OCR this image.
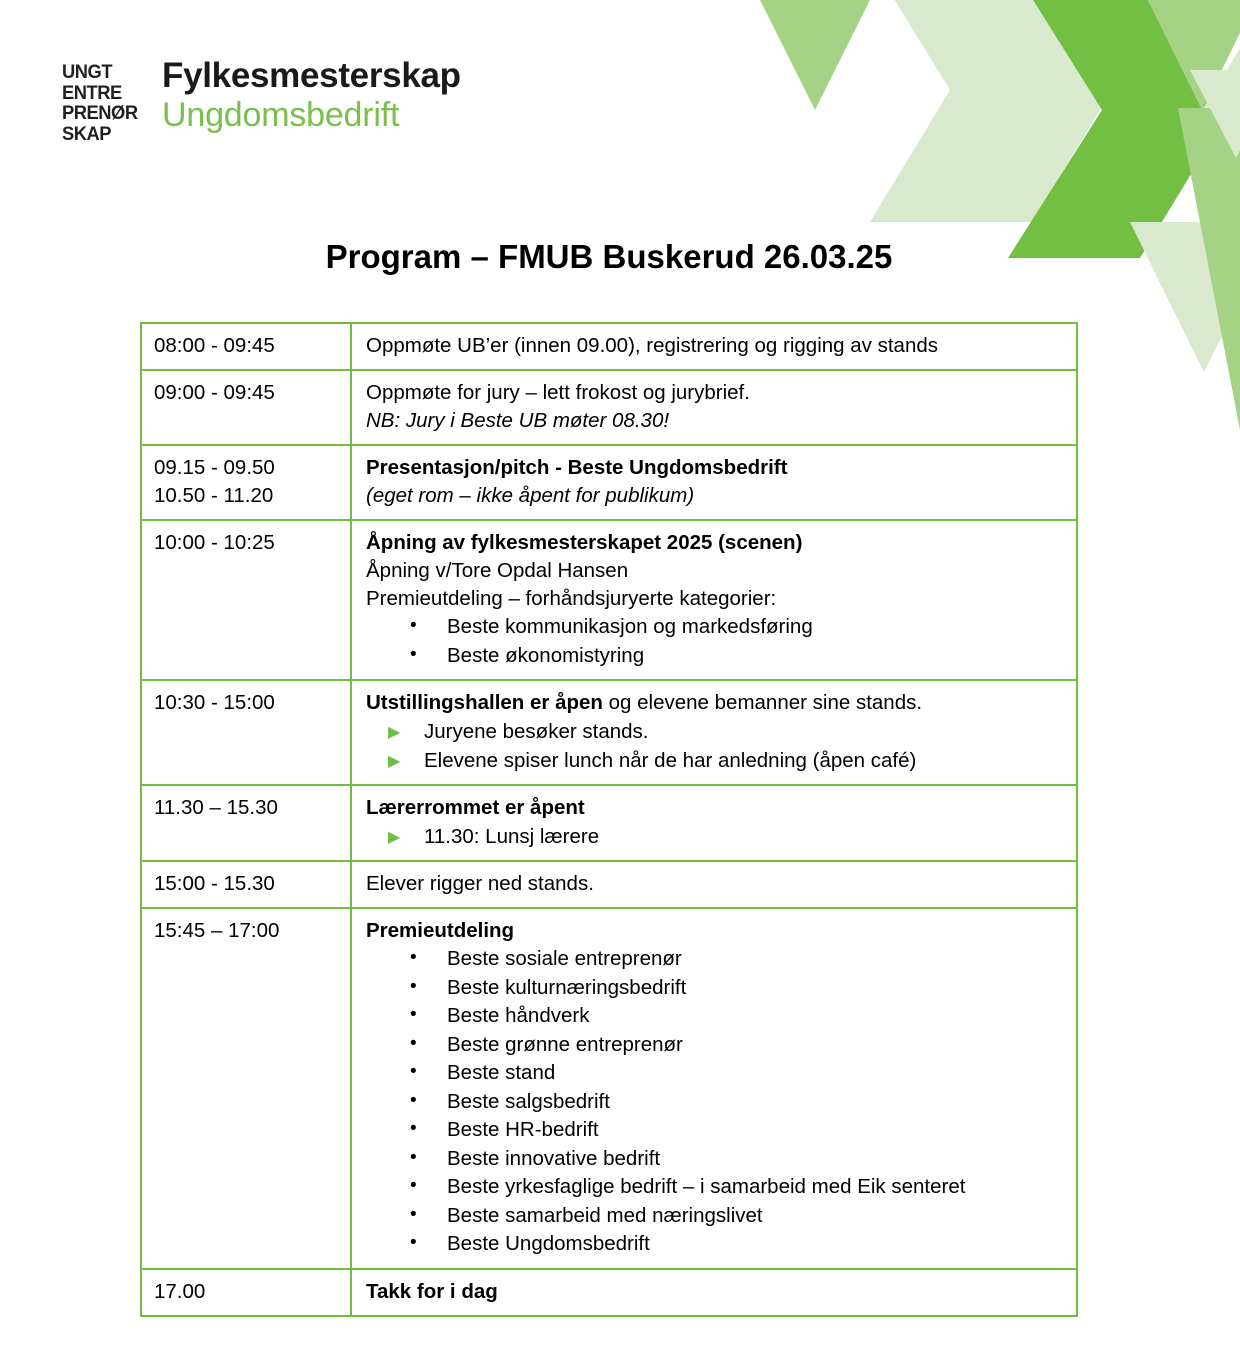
UNGT
ENTRE
PRENØR
SKAP
Fylkesmesterskap
Ungdomsbedrift
Program – FMUB Buskerud 26.03.25
08:00 - 09:45	Oppmøte UB’er (innen 09.00), registrering og rigging av stands

09:00 - 09:45	Oppmøte for jury – lett frokost og jurybrief.
NB: Jury i Beste UB møter 08.30!

09.15 - 09.50
10.50 - 11.20	Presentasjon/pitch - Beste Ungdomsbedrift
(eget rom – ikke åpent for publikum)

10:00 - 10:25	Åpning av fylkesmesterskapet 2025 (scenen)
Åpning v/Tore Opdal Hansen
Premieutdeling – forhåndsjuryerte kategorier:
• Beste kommunikasjon og markedsføring
• Beste økonomistyring

10:30 - 15:00	Utstillingshallen er åpen og elevene bemanner sine stands.
▶ Juryene besøker stands.
▶ Elevene spiser lunch når de har anledning (åpen café)

11.30 – 15.30	Lærerrommet er åpent
▶ 11.30: Lunsj lærere

15:00 - 15.30	Elever rigger ned stands.

15:45 – 17:00	Premieutdeling
• Beste sosiale entreprenør
• Beste kulturnæringsbedrift
• Beste håndverk
• Beste grønne entreprenør
• Beste stand
• Beste salgsbedrift
• Beste HR-bedrift
• Beste innovative bedrift
• Beste yrkesfaglige bedrift – i samarbeid med Eik senteret
• Beste samarbeid med næringslivet
• Beste Ungdomsbedrift

17.00	Takk for i dag
